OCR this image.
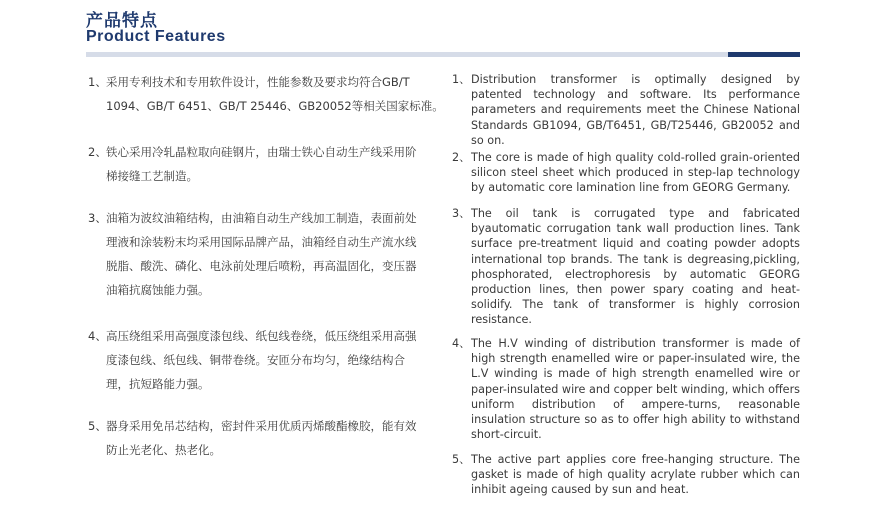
产品特点
Product Features
1、 采用专利技术和专用软件设计，性能参数及要求均符合GB/T
1094、GB/T 6451、GB/T 25446、GB20052等相关国家标准。
2、 铁心采用冷轧晶粒取向硅钢片，由瑞士铁心自动生产线采用阶
梯接缝工艺制造。
3、 油箱为波纹油箱结构，由油箱自动生产线加工制造，表面前处
理液和涂装粉末均采用国际品牌产品，油箱经自动生产流水线
脱脂、酸洗、磷化、电泳前处理后喷粉，再高温固化，变压器
油箱抗腐蚀能力强。
4、 高压绕组采用高强度漆包线、纸包线卷绕，低压绕组采用高强
度漆包线、纸包线、铜带卷绕。安匝分布均匀，绝缘结构合
理，抗短路能力强。
5、 器身采用免吊芯结构，密封件采用优质丙烯酸酯橡胶，能有效
防止光老化、热老化。
1、 Distribution transformer is optimally designed by patented technology and software. Its performance parameters and requirements meet the Chinese National Standards GB1094, GB/T6451, GB/T25446, GB20052 and so on.
2、 The core is made of high quality cold-rolled grain-oriented silicon steel sheet which produced in step-lap technology by automatic core lamination line from GEORG Germany.
3、 The oil tank is corrugated type and fabricated byautomatic corrugation tank wall production lines. Tank surface pre-treatment liquid and coating powder adopts international top brands. The tank is degreasing,pickling, phosphorated, electrophoresis by automatic GEORG production lines, then power spary coating and heat-solidify. The tank of transformer is highly corrosion resistance.
4、 The H.V winding of distribution transformer is made of high strength enamelled wire or paper-insulated wire, the L.V winding is made of high strength enamelled wire or paper-insulated wire and copper belt winding, which offers uniform distribution of ampere-turns, reasonable insulation structure so as to offer high ability to withstand short-circuit.
5、 The active part applies core free-hanging structure. The gasket is made of high quality acrylate rubber which can inhibit ageing caused by sun and heat.
